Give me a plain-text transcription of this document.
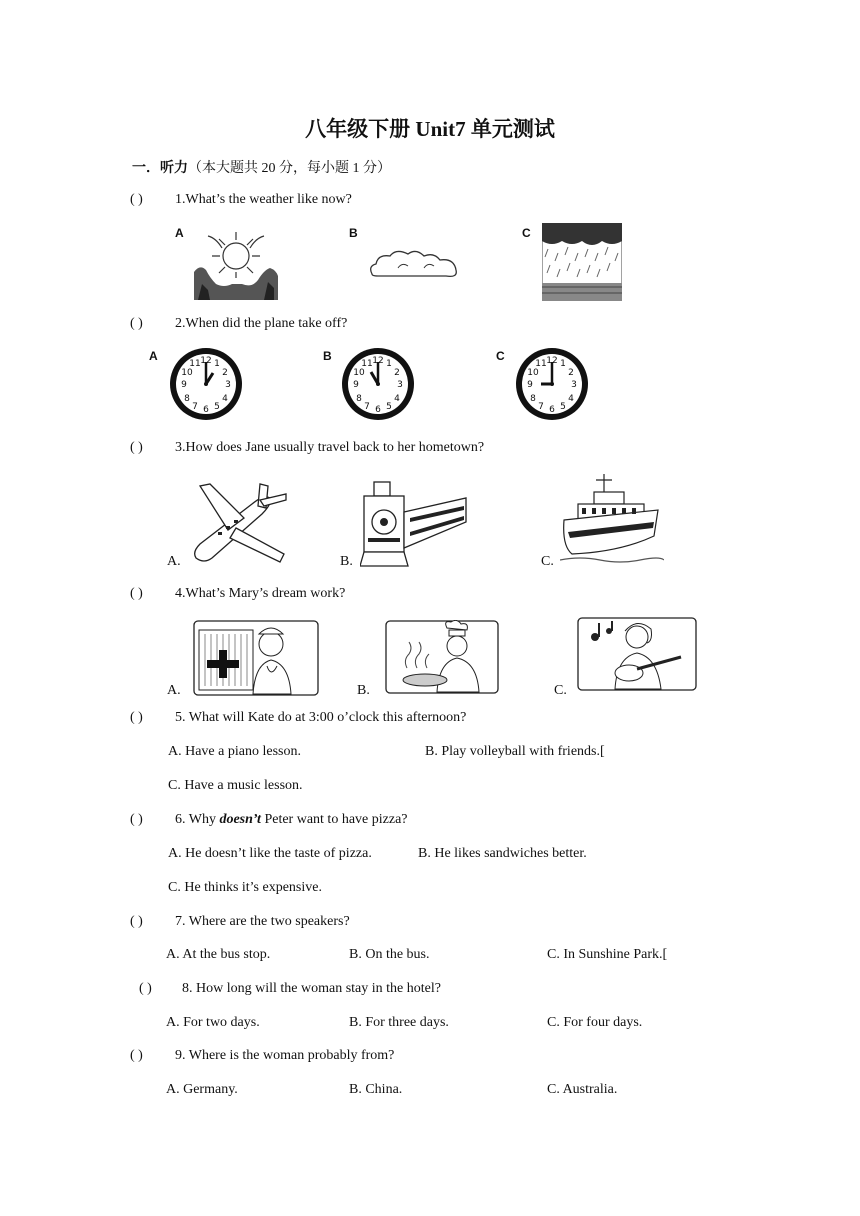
八年级下册 Unit7 单元测试
一．听力（本大题共 20 分，每小题 1 分）
( ) 1.What’s the weather like now?
A	B	C
( ) 2.When did the plane take off?
A	12
3
6
9
1
2
4
5
7
8
10
11
B	12
3
6
9
1
2
4
5
7
8
10
11
C	12
3
6
9
1
2
4
5
7
8
10
11
( ) 3.How does Jane usually travel back to her hometown?
A.	B.	C.
( ) 4.What’s Mary’s dream work?
A.	B.	C.
( ) 5. What will Kate do at 3:00 o’clock this afternoon?
A. Have a piano lesson.	B. Play volleyball with friends.[
C. Have a music lesson.
( ) 6. Why doesn’t Peter want to have pizza?
A. He doesn’t like the taste of pizza.	B. He likes sandwiches better.
C. He thinks it’s expensive.
( ) 7. Where are the two speakers?
A. At the bus stop.	B. On the bus.	C. In Sunshine Park.[
( ) 8. How long will the woman stay in the hotel?
A. For two days.	B. For three days.	C. For four days.
( ) 9. Where is the woman probably from?
A. Germany.	B. China.	C. Australia.
